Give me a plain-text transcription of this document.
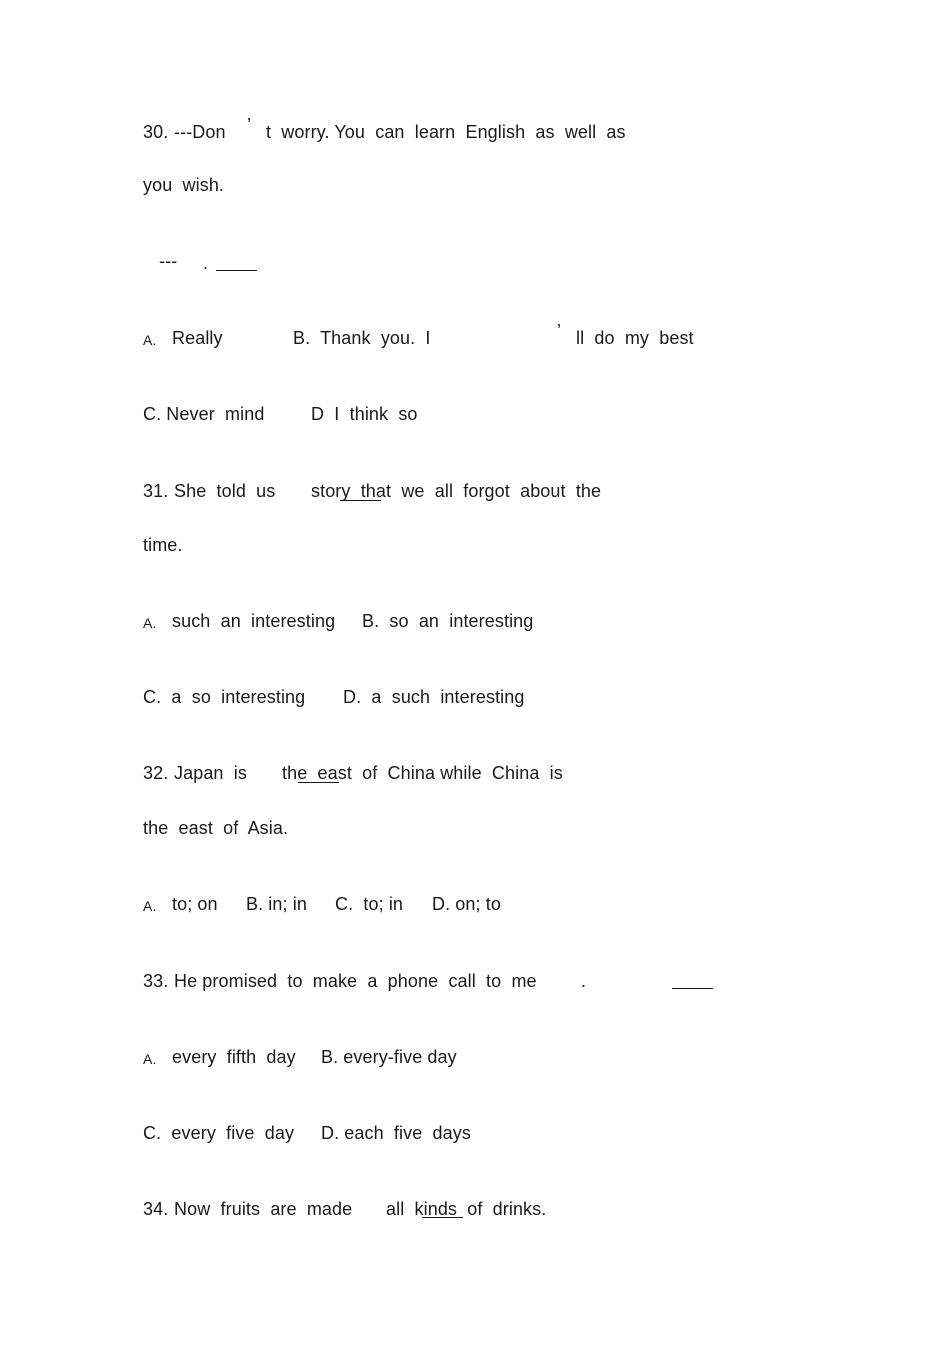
30. ---Don ’ t  worry. You  can  learn  English  as  well  as
you  wish.
--- .
A. Really	B.  Thank  you.  I	’ ll  do  my  best
C. Never  mind	D  I  think  so
31. She  told  us story  that  we  all  forgot  about  the
time.
A. such  an  interesting B.  so  an  interesting
C.  a  so  interesting D.  a  such  interesting
32. Japan  is the  east  of  China while  China  is
the  east  of  Asia.
A. to; on B. in; in C.  to; in D. on; to
33. He promised  to  make  a  phone  call  to  me .
A. every  fifth  day B. every-five day
C.  every  five  day D. each  five  days
34. Now  fruits  are  made all  kinds  of  drinks.
